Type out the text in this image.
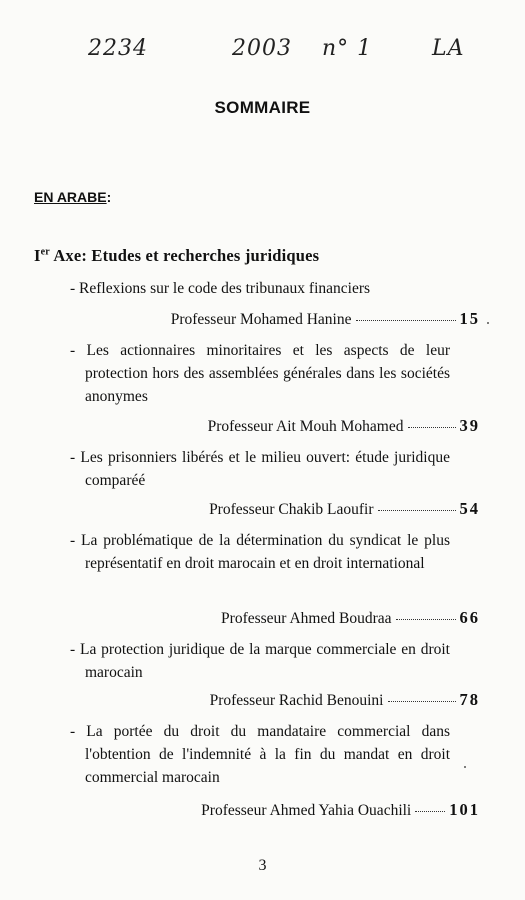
2234	2003 n° 1	LA
SOMMAIRE
EN ARABE:
Ier Axe: Etudes et recherches juridiques
- Reflexions sur le code des tribunaux financiers
Professeur Mohamed Hanine	15
- Les actionnaires minoritaires et les aspects de leur protection hors des assemblées générales dans les sociétés anonymes
Professeur Ait Mouh Mohamed	39
- Les prisonniers libérés et le milieu ouvert: étude juridique comparéé
Professeur Chakib Laoufir	54
- La problématique de la détermination du syndicat le plus représentatif en droit marocain et en droit international
Professeur Ahmed Boudraa	66
- La protection juridique de la marque commerciale en droit marocain
Professeur Rachid Benouini	78
- La portée du droit du mandataire commercial dans l'obtention de l'indemnité à la fin du mandat en droit commercial marocain
Professeur Ahmed Yahia Ouachili 101
3
